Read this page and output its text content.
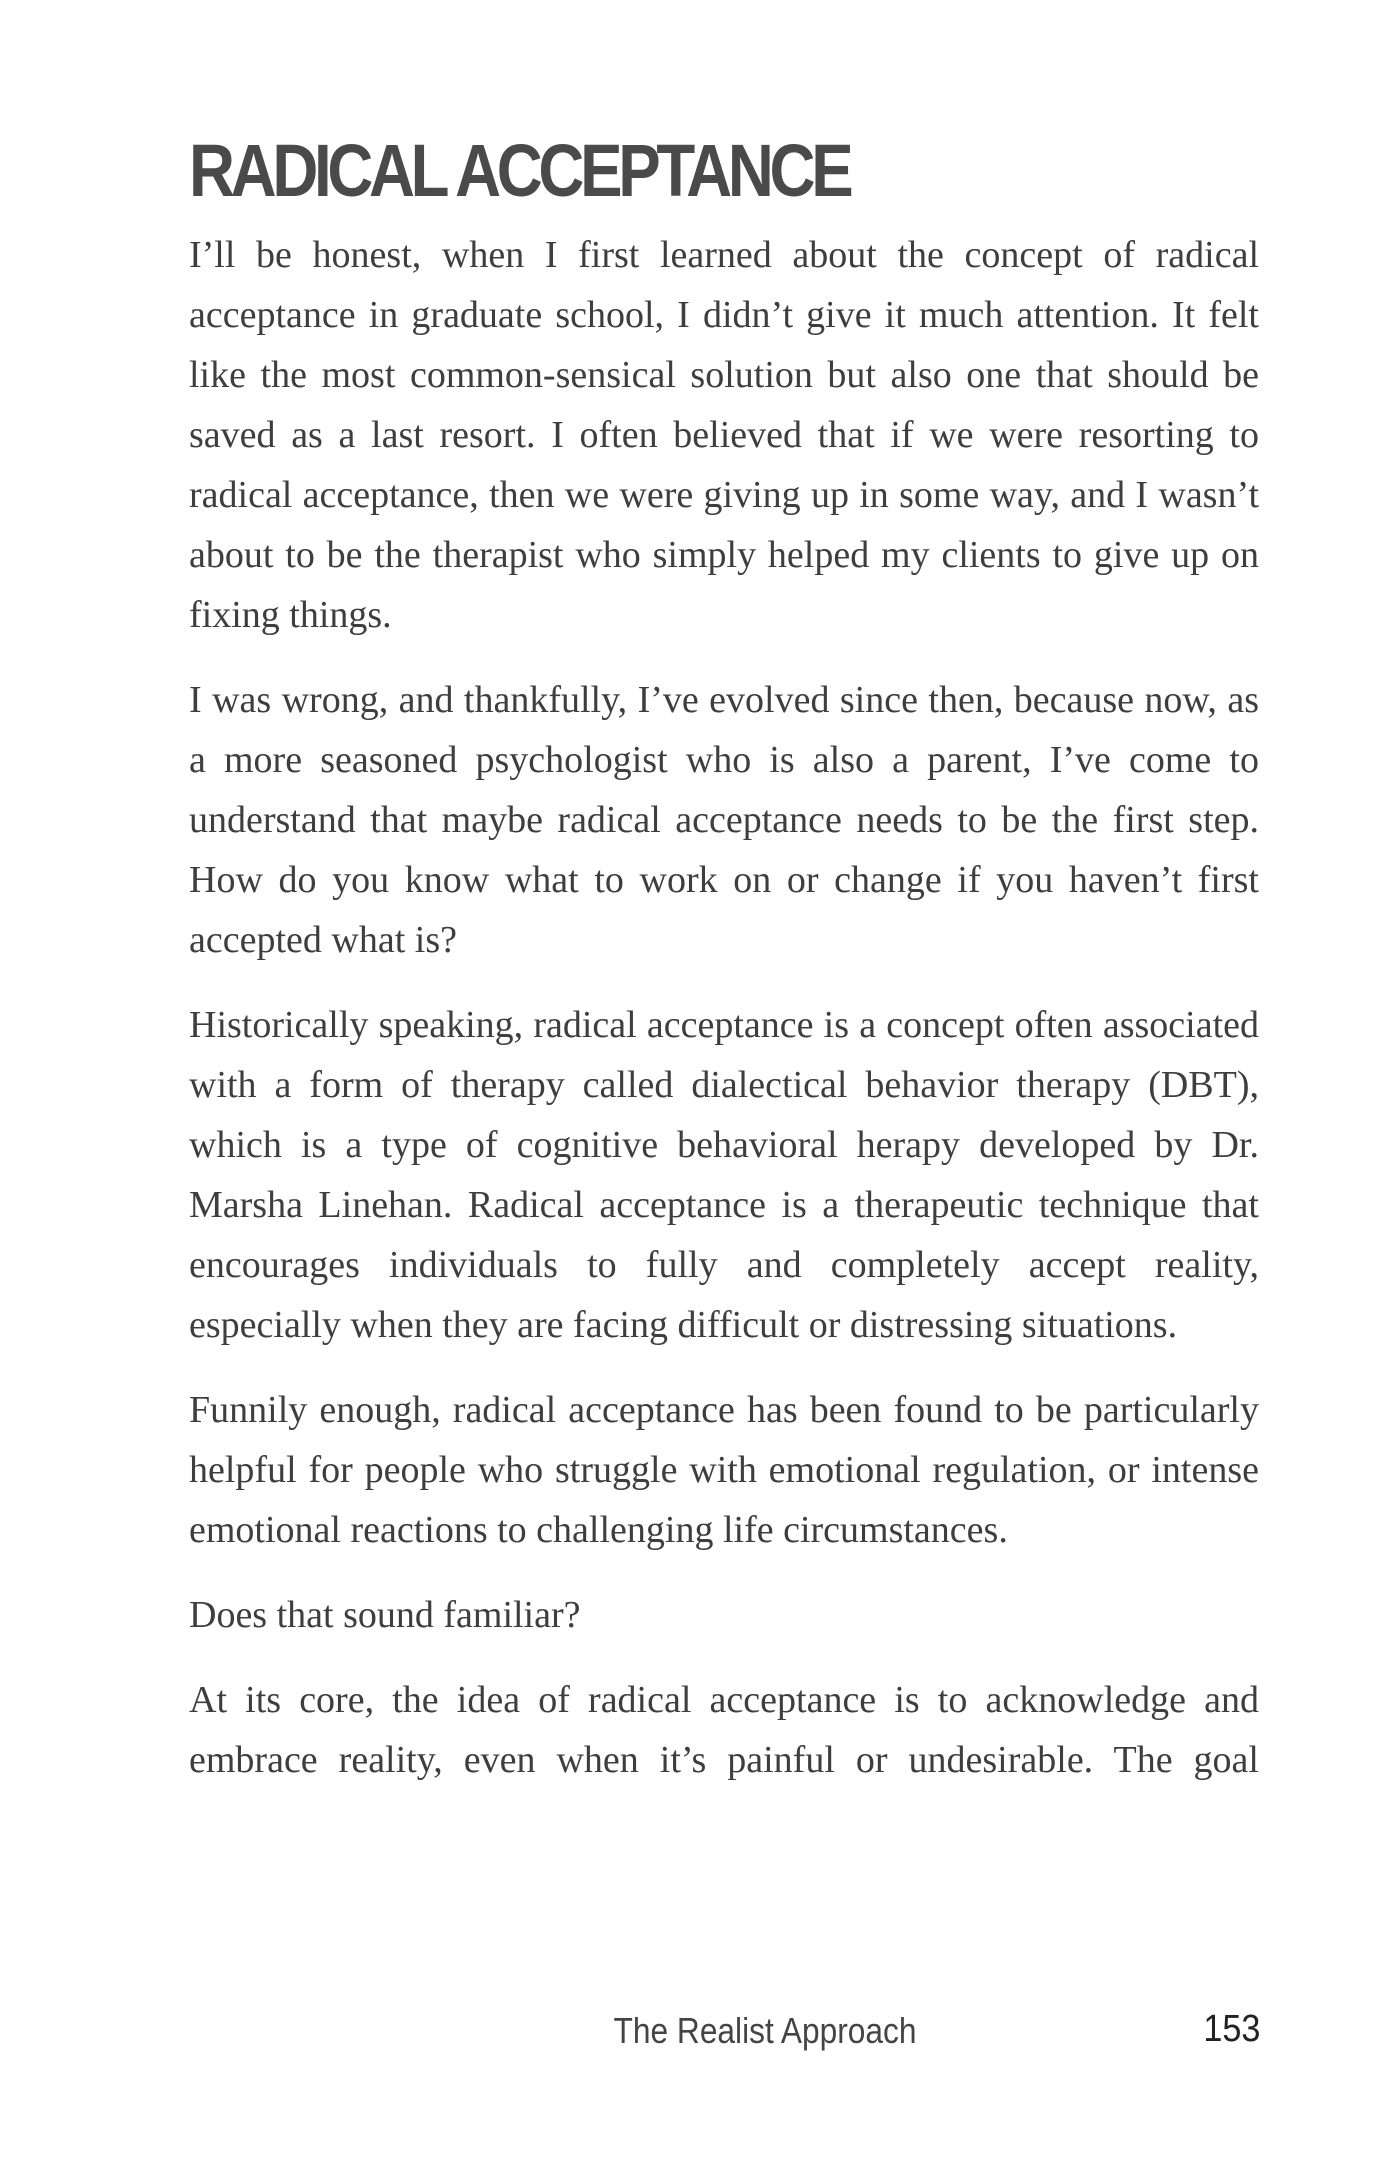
RADICAL ACCEPTANCE

I’ll be honest, when I first learned about the concept of radical acceptance in graduate school, I didn’t give it much attention. It felt like the most common-sensical solution but also one that should be saved as a last resort. I often believed that if we were resorting to radical acceptance, then we were giving up in some way, and I wasn’t about to be the therapist who simply helped my clients to give up on fixing things.

I was wrong, and thankfully, I’ve evolved since then, because now, as a more seasoned psychologist who is also a parent, I’ve come to understand that maybe radical acceptance needs to be the first step. How do you know what to work on or change if you haven’t first accepted what is?

Historically speaking, radical acceptance is a concept often associated with a form of therapy called dialectical behavior therapy (DBT), which is a type of cognitive behavioral herapy developed by Dr. Marsha Linehan. Radical acceptance is a therapeutic technique that encourages individuals to fully and completely accept reality, especially when they are facing difficult or distressing situations.

Funnily enough, radical acceptance has been found to be particularly helpful for people who struggle with emotional regulation, or intense emotional reactions to challenging life circumstances.

Does that sound familiar?

At its core, the idea of radical acceptance is to acknowledge and embrace reality, even when it’s painful or undesirable. The goal

The Realist Approach	153
